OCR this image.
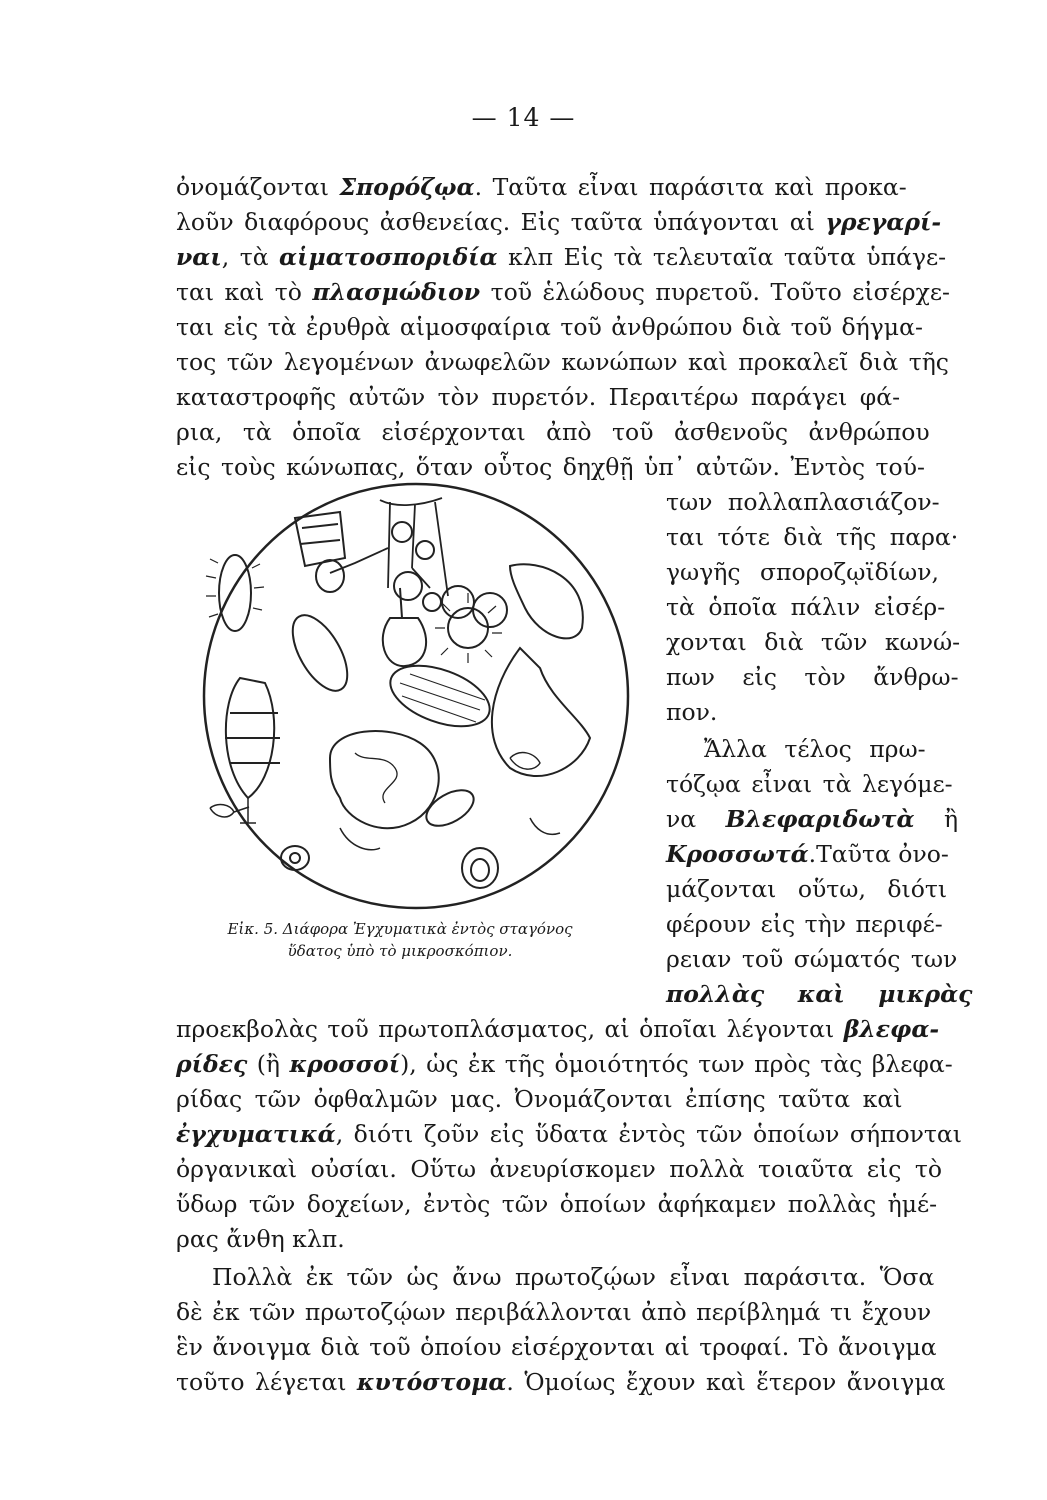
— 14 —
ὀνομάζονται Σπορόζῳα. Ταῦτα εἶναι παράσιτα καὶ προκα-
λοῦν διαφόρους ἀσθενείας. Εἰς ταῦτα ὑπάγονται αἱ γρεγαρί-
ναι, τὰ αἱματοσποριδία κλπ Εἰς τὰ τελευταῖα ταῦτα ὑπάγε-
ται καὶ τὸ πλασμώδιον τοῦ ἑλώδους πυρετοῦ. Τοῦτο εἰσέρχε-
ται εἰς τὰ ἐρυθρὰ αἱμοσφαίρια τοῦ ἀνθρώπου διὰ τοῦ δήγμα-
τος τῶν λεγομένων ἀνωφελῶν κωνώπων καὶ προκαλεῖ διὰ τῆς
καταστροφῆς αὐτῶν τὸν πυρετόν. Περαιτέρω παράγει φά-
ρια, τὰ ὁποῖα εἰσέρχονται ἀπὸ τοῦ ἀσθενοῦς ἀνθρώπου
εἰς τοὺς κώνωπας, ὅταν οὗτος δηχθῇ ὑπ᾿ αὐτῶν. Ἐντὸς τού-
των πολλαπλασιάζον-
ται τότε διὰ τῆς παρα·
γωγῆς σποροζῳϊδίων,
τὰ ὁποῖα πάλιν εἰσέρ-
χονται διὰ τῶν κωνώ-
πων εἰς τὸν ἄνθρω-
πον.
Ἄλλα τέλος πρω-
τόζῳα εἶναι τὰ λεγόμε-
να Βλεφαριδωτὰ ἢ
Κροσσωτά.Ταῦτα ὀνο-
μάζονται οὕτω, διότι
φέρουν εἰς τὴν περιφέ-
ρειαν τοῦ σώματός των
πολλὰς καὶ μικρὰς
προεκβολὰς τοῦ πρωτοπλάσματος, αἱ ὁποῖαι λέγονται βλεφα-
ρίδες (ἢ κροσσοί), ὡς ἐκ τῆς ὁμοιότητός των πρὸς τὰς βλεφα-
ρίδας τῶν ὀφθαλμῶν μας. Ὀνομάζονται ἐπίσης ταῦτα καὶ
ἐγχυματικά, διότι ζοῦν εἰς ὕδατα ἐντὸς τῶν ὁποίων σήπονται
ὀργανικαὶ οὐσίαι. Οὕτω ἀνευρίσκομεν πολλὰ τοιαῦτα εἰς τὸ
ὕδωρ τῶν δοχείων, ἐντὸς τῶν ὁποίων ἀφήκαμεν πολλὰς ἡμέ-
ρας ἄνθη κλπ.
Πολλὰ ἐκ τῶν ὡς ἄνω πρωτοζῴων εἶναι παράσιτα. Ὅσα
δὲ ἐκ τῶν πρωτοζῴων περιβάλλονται ἀπὸ περίβλημά τι ἔχουν
ἓν ἄνοιγμα διὰ τοῦ ὁποίου εἰσέρχονται αἱ τροφαί. Τὸ ἄνοιγμα
τοῦτο λέγεται κυτόστομα. Ὁμοίως ἔχουν καὶ ἕτερον ἄνοιγμα
Εἰκ. 5. Διάφορα Ἐγχυματικὰ ἐντὸς σταγόνος
ὕδατος ὑπὸ τὸ μικροσκόπιον.
